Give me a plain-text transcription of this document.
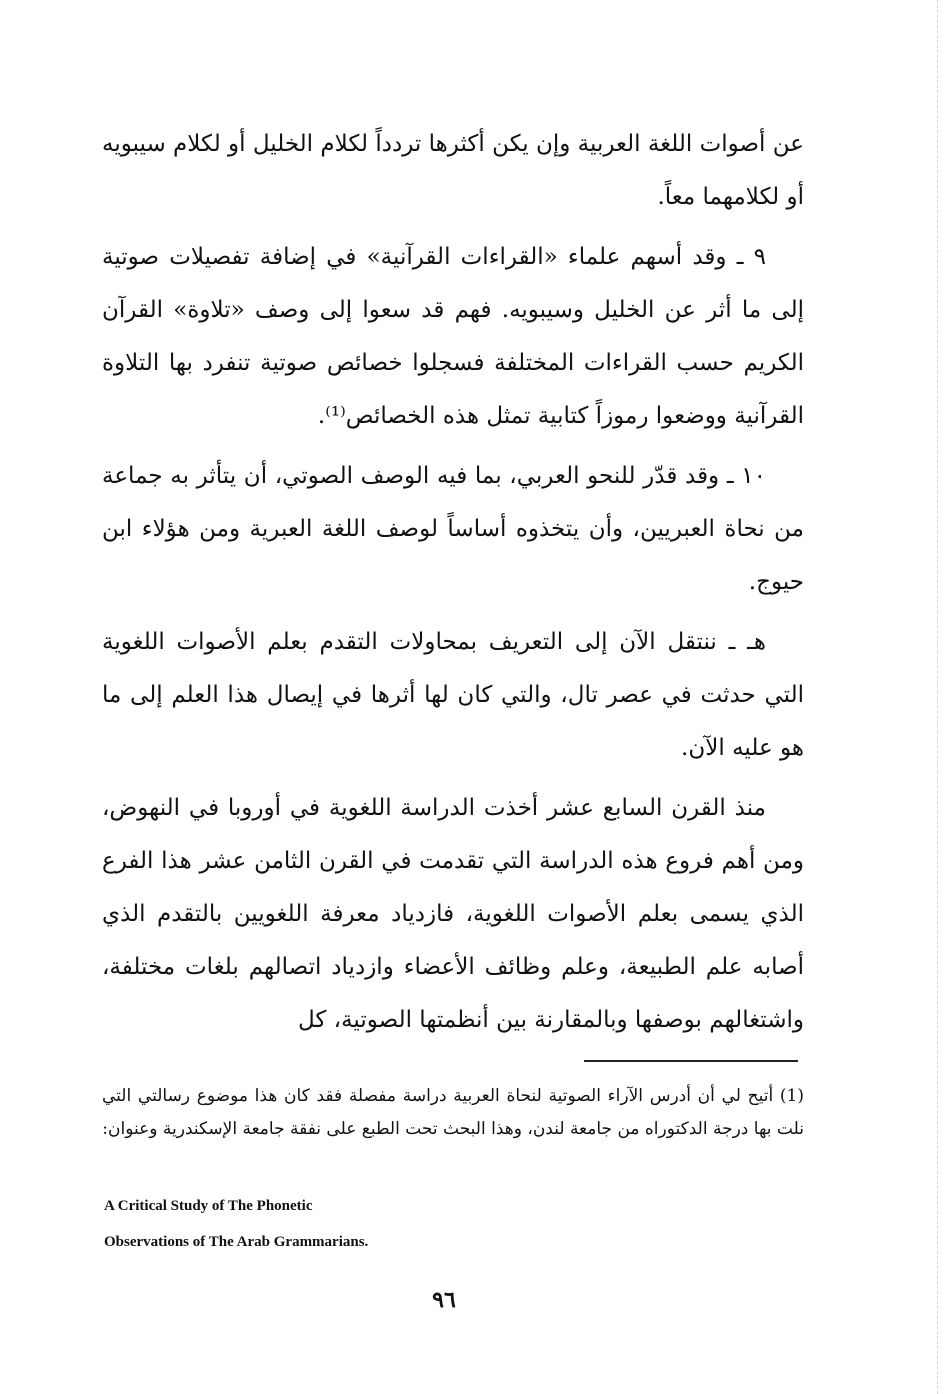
عن أصوات اللغة العربية وإن يكن أكثرها تردداً لكلام الخليل أو لكلام سيبويه أو لكلامهما معاً.

٩ ـ وقد أسهم علماء «القراءات القرآنية» في إضافة تفصيلات صوتية إلى ما أثر عن الخليل وسيبويه. فهم قد سعوا إلى وصف «تلاوة» القرآن الكريم حسب القراءات المختلفة فسجلوا خصائص صوتية تنفرد بها التلاوة القرآنية ووضعوا رموزاً كتابية تمثل هذه الخصائص⁽¹⁾.

١٠ ـ وقد قدّر للنحو العربي، بما فيه الوصف الصوتي، أن يتأثر به جماعة من نحاة العبريين، وأن يتخذوه أساساً لوصف اللغة العبرية ومن هؤلاء ابن حيوج.

هـ ـ ننتقل الآن إلى التعريف بمحاولات التقدم بعلم الأصوات اللغوية التي حدثت في عصر تال، والتي كان لها أثرها في إيصال هذا العلم إلى ما هو عليه الآن.

منذ القرن السابع عشر أخذت الدراسة اللغوية في أوروبا في النهوض، ومن أهم فروع هذه الدراسة التي تقدمت في القرن الثامن عشر هذا الفرع الذي يسمى بعلم الأصوات اللغوية، فازدياد معرفة اللغويين بالتقدم الذي أصابه علم الطبيعة، وعلم وظائف الأعضاء وازدياد اتصالهم بلغات مختلفة، واشتغالهم بوصفها وبالمقارنة بين أنظمتها الصوتية، كل

(1) أتيح لي أن أدرس الآراء الصوتية لنحاة العربية دراسة مفصلة فقد كان هذا موضوع رسالتي التي نلت بها درجة الدكتوراه من جامعة لندن، وهذا البحث تحت الطبع على نفقة جامعة الإسكندرية وعنوان:

A Critical Study of The Phonetic

Observations of The Arab Grammarians.

٩٦
